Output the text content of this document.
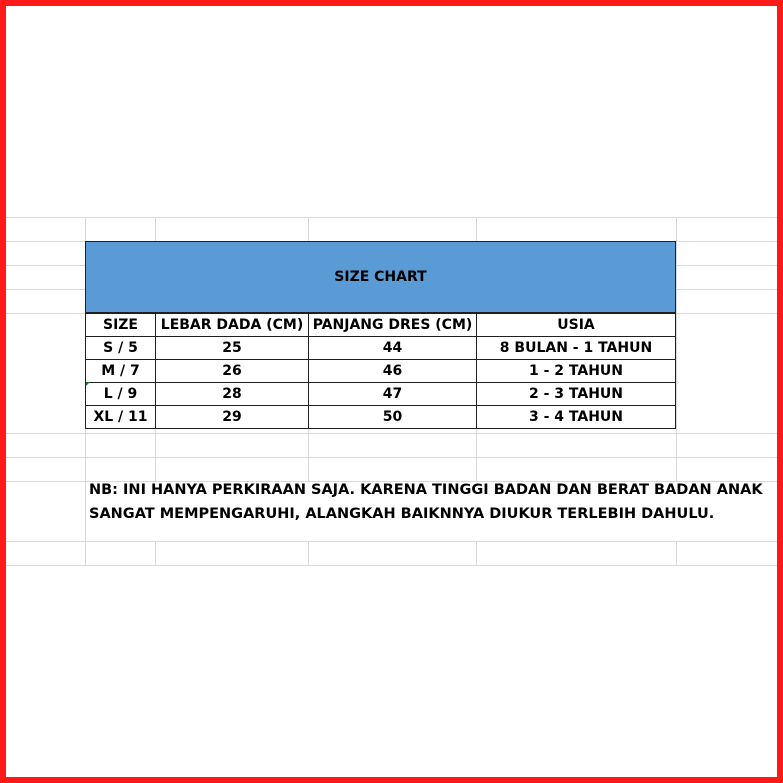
SIZE CHART
SIZE	LEBAR DADA (CM)	PANJANG DRES (CM)	USIA
S / 5	25	44	8 BULAN - 1 TAHUN
M / 7	26	46	1 - 2 TAHUN
L / 9	28	47	2 - 3 TAHUN
XL / 11	29	50	3 - 4 TAHUN
NB: INI HANYA PERKIRAAN SAJA. KARENA TINGGI BADAN DAN BERAT BADAN ANAK
SANGAT MEMPENGARUHI, ALANGKAH BAIKNNYA DIUKUR TERLEBIH DAHULU.
